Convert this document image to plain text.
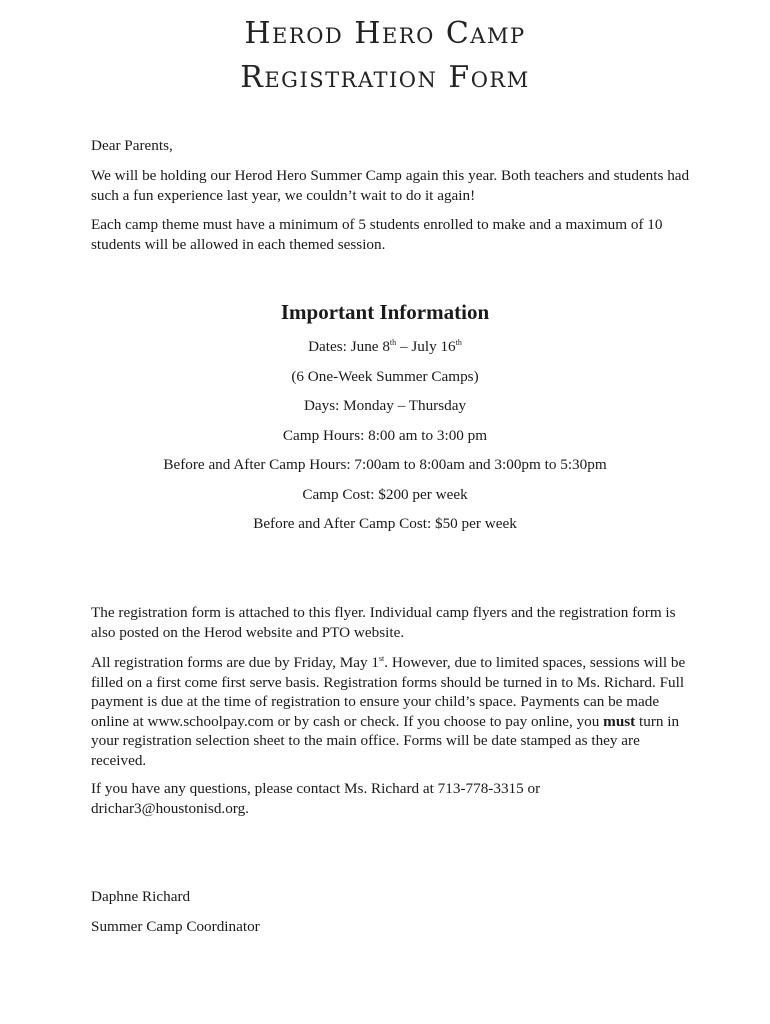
Herod Hero Camp
Registration Form

Dear Parents,

We will be holding our Herod Hero Summer Camp again this year. Both teachers and students had such a fun experience last year, we couldn’t wait to do it again!

Each camp theme must have a minimum of 5 students enrolled to make and a maximum of 10 students will be allowed in each themed session.

Important Information
Dates: June 8th – July 16th
(6 One-Week Summer Camps)
Days: Monday – Thursday
Camp Hours: 8:00 am to 3:00 pm
Before and After Camp Hours: 7:00am to 8:00am and 3:00pm to 5:30pm
Camp Cost: $200 per week
Before and After Camp Cost: $50 per week

The registration form is attached to this flyer. Individual camp flyers and the registration form is also posted on the Herod website and PTO website.

All registration forms are due by Friday, May 1st. However, due to limited spaces, sessions will be filled on a first come first serve basis. Registration forms should be turned in to Ms. Richard. Full payment is due at the time of registration to ensure your child’s space. Payments can be made online at www.schoolpay.com or by cash or check. If you choose to pay online, you must turn in your registration selection sheet to the main office. Forms will be date stamped as they are received.

If you have any questions, please contact Ms. Richard at 713-778-3315 or drichar3@houstonisd.org.

Daphne Richard

Summer Camp Coordinator
